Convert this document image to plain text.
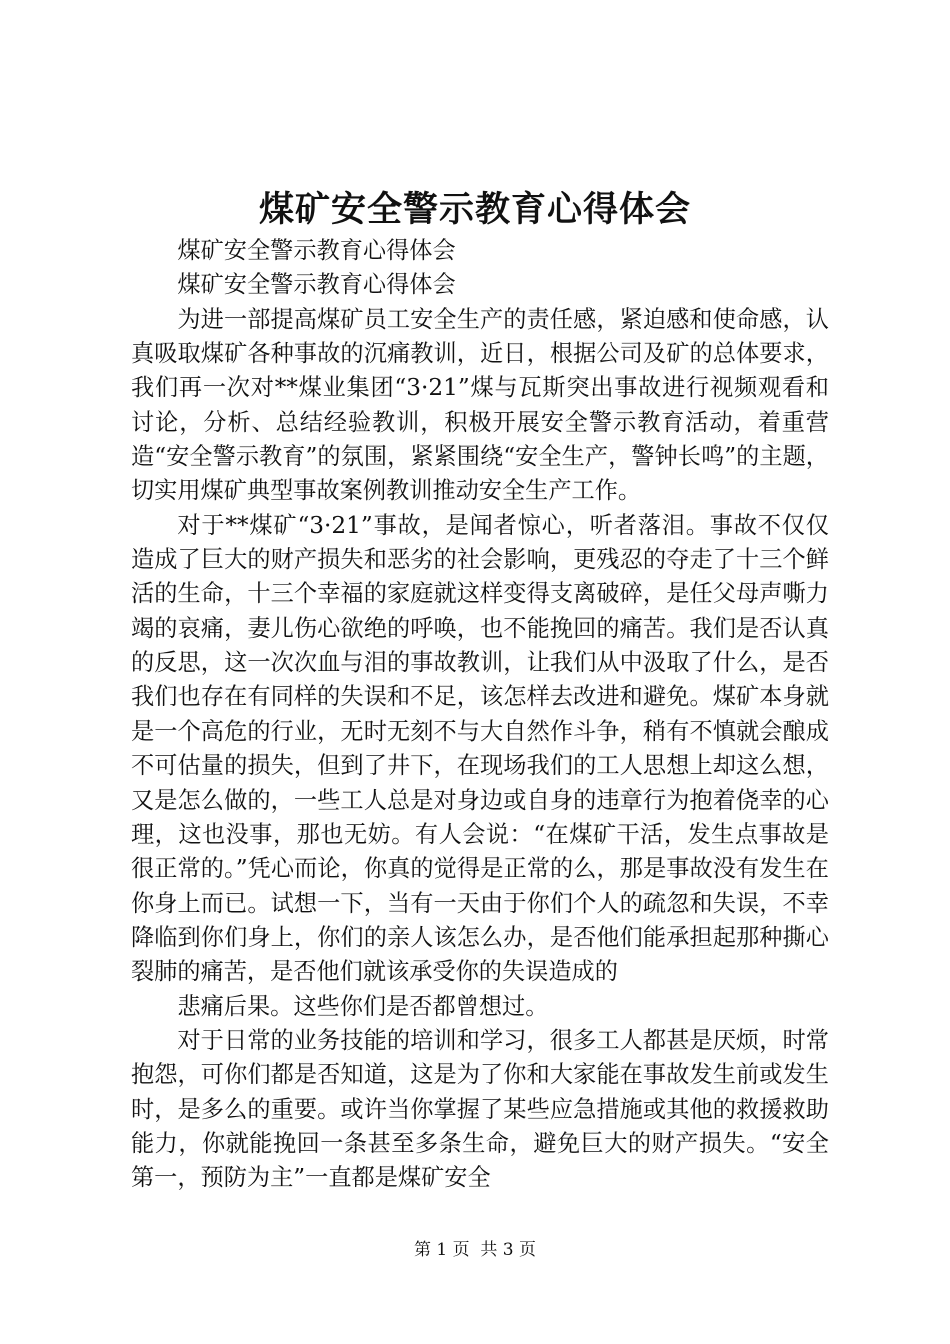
煤矿安全警示教育心得体会

煤矿安全警示教育心得体会

煤矿安全警示教育心得体会

为进一部提高煤矿员工安全生产的责任感，紧迫感和使命感，认真吸取煤矿各种事故的沉痛教训，近日，根据公司及矿的总体要求，我们再一次对**煤业集团“3·21”煤与瓦斯突出事故进行视频观看和讨论，分析、总结经验教训，积极开展安全警示教育活动，着重营造“安全警示教育”的氛围，紧紧围绕“安全生产，警钟长鸣”的主题，切实用煤矿典型事故案例教训推动安全生产工作。

对于**煤矿“3·21”事故，是闻者惊心，听者落泪。事故不仅仅造成了巨大的财产损失和恶劣的社会影响，更残忍的夺走了十三个鲜活的生命，十三个幸福的家庭就这样变得支离破碎，是任父母声嘶力竭的哀痛，妻儿伤心欲绝的呼唤，也不能挽回的痛苦。我们是否认真的反思，这一次次血与泪的事故教训，让我们从中汲取了什么，是否我们也存在有同样的失误和不足，该怎样去改进和避免。煤矿本身就是一个高危的行业，无时无刻不与大自然作斗争，稍有不慎就会酿成不可估量的损失，但到了井下，在现场我们的工人思想上却这么想，又是怎么做的，一些工人总是对身边或自身的违章行为抱着侥幸的心理，这也没事，那也无妨。有人会说：“在煤矿干活，发生点事故是很正常的。”凭心而论，你真的觉得是正常的么，那是事故没有发生在你身上而已。试想一下，当有一天由于你们个人的疏忽和失误，不幸降临到你们身上，你们的亲人该怎么办，是否他们能承担起那种撕心裂肺的痛苦，是否他们就该承受你的失误造成的

悲痛后果。这些你们是否都曾想过。

对于日常的业务技能的培训和学习，很多工人都甚是厌烦，时常抱怨，可你们都是否知道，这是为了你和大家能在事故发生前或发生时，是多么的重要。或许当你掌握了某些应急措施或其他的救援救助能力，你就能挽回一条甚至多条生命，避免巨大的财产损失。“安全第一，预防为主”一直都是煤矿安全

第 1 页  共 3 页
